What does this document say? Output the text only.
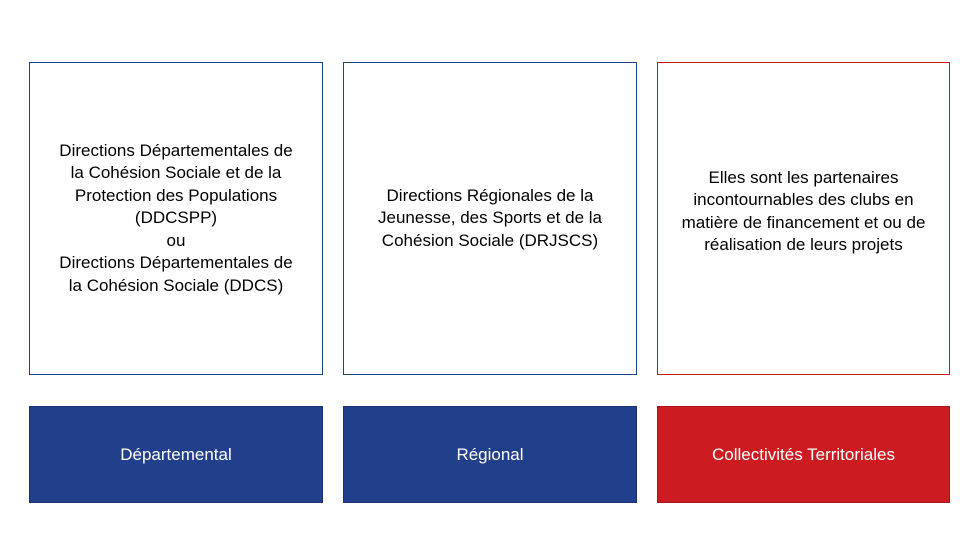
Directions Départementales de
la Cohésion Sociale et de la
Protection des Populations
(DDCSPP)
ou
Directions Départementales de
la Cohésion Sociale (DDCS)
Départemental
Directions Régionales de la
Jeunesse, des Sports et de la
Cohésion Sociale (DRJSCS)
Régional
Elles sont les partenaires
incontournables des clubs en
matière de financement et ou de
réalisation de leurs projets
Collectivités Territoriales
